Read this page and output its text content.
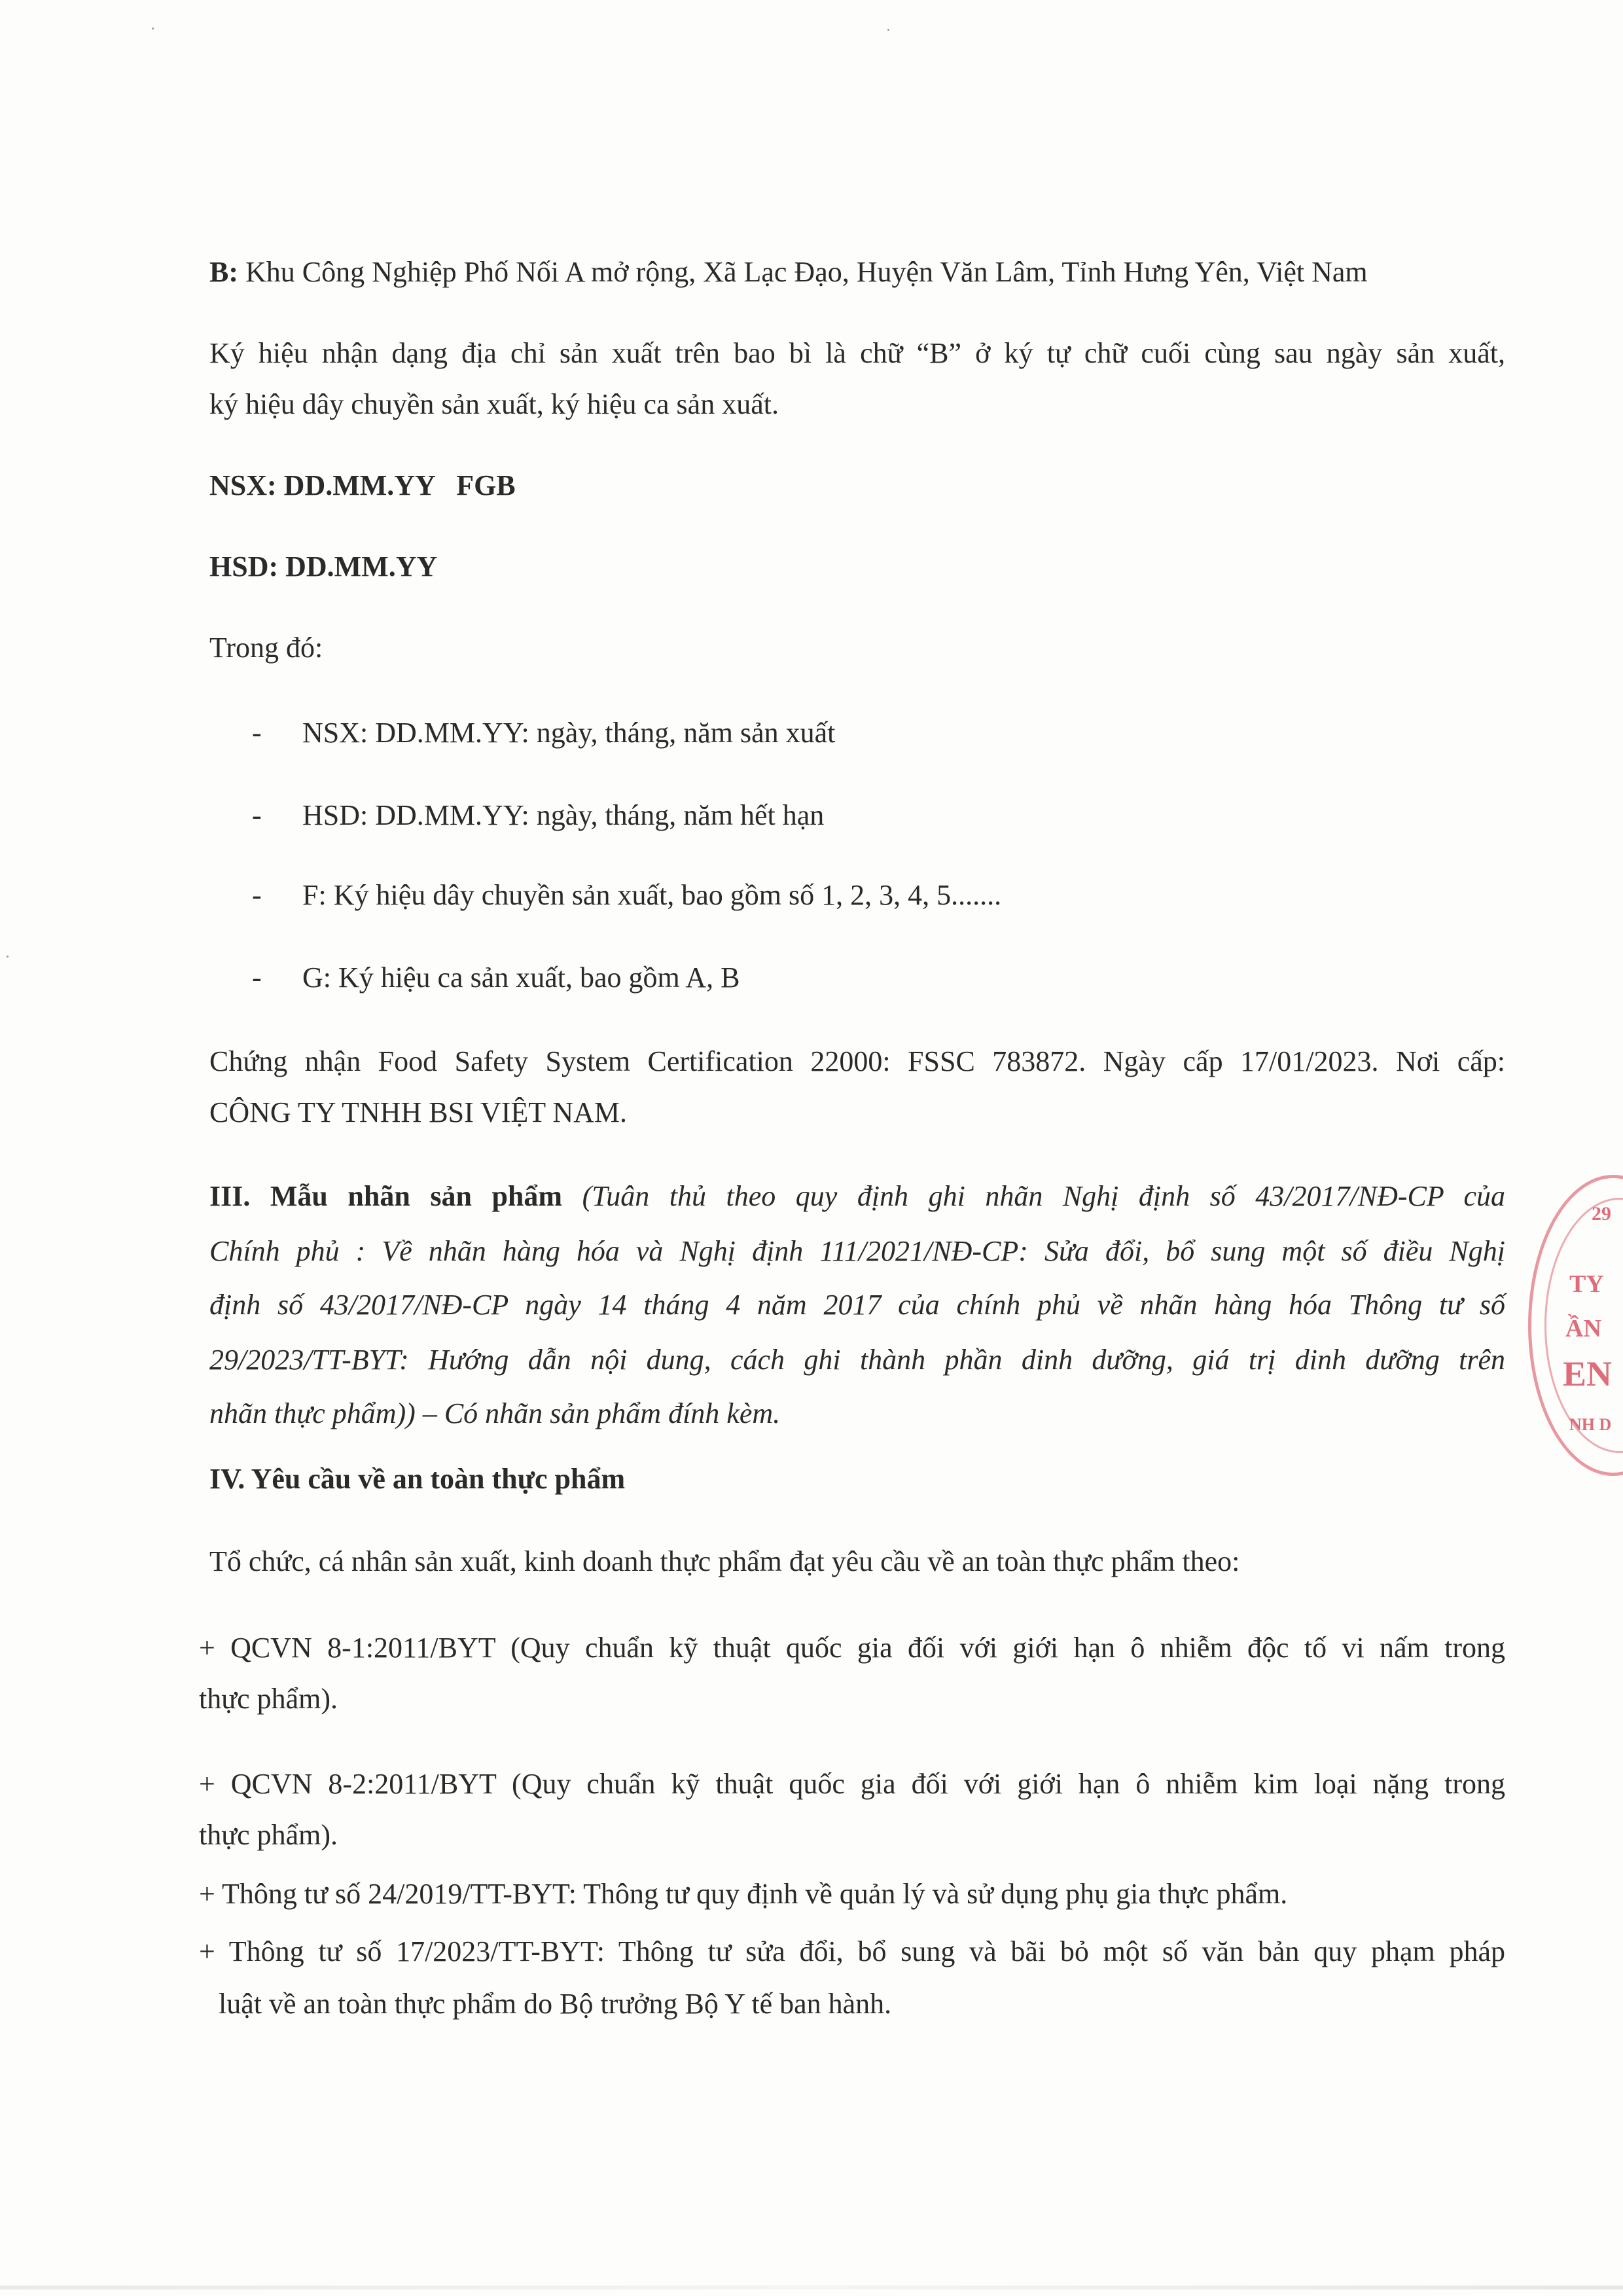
B: Khu Công Nghiệp Phố Nối A mở rộng, Xã Lạc Đạo, Huyện Văn Lâm, Tỉnh Hưng Yên, Việt Nam
Ký hiệu nhận dạng địa chỉ sản xuất trên bao bì là chữ “B” ở ký tự chữ cuối cùng sau ngày sản xuất,
ký hiệu dây chuyền sản xuất, ký hiệu ca sản xuất.
NSX: DD.MM.YY   FGB
HSD: DD.MM.YY
Trong đó:
- NSX: DD.MM.YY: ngày, tháng, năm sản xuất
- HSD: DD.MM.YY: ngày, tháng, năm hết hạn
- F: Ký hiệu dây chuyền sản xuất, bao gồm số 1, 2, 3, 4, 5.......
- G: Ký hiệu ca sản xuất, bao gồm A, B
Chứng nhận Food Safety System Certification 22000: FSSC 783872. Ngày cấp 17/01/2023. Nơi cấp:
CÔNG TY TNHH BSI VIỆT NAM.
III. Mẫu nhãn sản phẩm (Tuân thủ theo quy định ghi nhãn Nghị định số 43/2017/NĐ-CP của
Chính phủ : Về nhãn hàng hóa và Nghị định 111/2021/NĐ-CP: Sửa đổi, bổ sung một số điều Nghị
định số 43/2017/NĐ-CP ngày 14 tháng 4 năm 2017 của chính phủ về nhãn hàng hóa Thông tư số
29/2023/TT-BYT: Hướng dẫn nội dung, cách ghi thành phần dinh dưỡng, giá trị dinh dưỡng trên
nhãn thực phẩm)) – Có nhãn sản phẩm đính kèm.
IV. Yêu cầu về an toàn thực phẩm
Tổ chức, cá nhân sản xuất, kinh doanh thực phẩm đạt yêu cầu về an toàn thực phẩm theo:
+ QCVN 8-1:2011/BYT (Quy chuẩn kỹ thuật quốc gia đối với giới hạn ô nhiễm độc tố vi nấm trong
thực phẩm).
+ QCVN 8-2:2011/BYT (Quy chuẩn kỹ thuật quốc gia đối với giới hạn ô nhiễm kim loại nặng trong
thực phẩm).
+ Thông tư số 24/2019/TT-BYT: Thông tư quy định về quản lý và sử dụng phụ gia thực phẩm.
+ Thông tư số 17/2023/TT-BYT: Thông tư sửa đổi, bổ sung và bãi bỏ một số văn bản quy phạm pháp
luật về an toàn thực phẩm do Bộ trưởng Bộ Y tế ban hành.
29
TY
ẦN
EN
NH D
